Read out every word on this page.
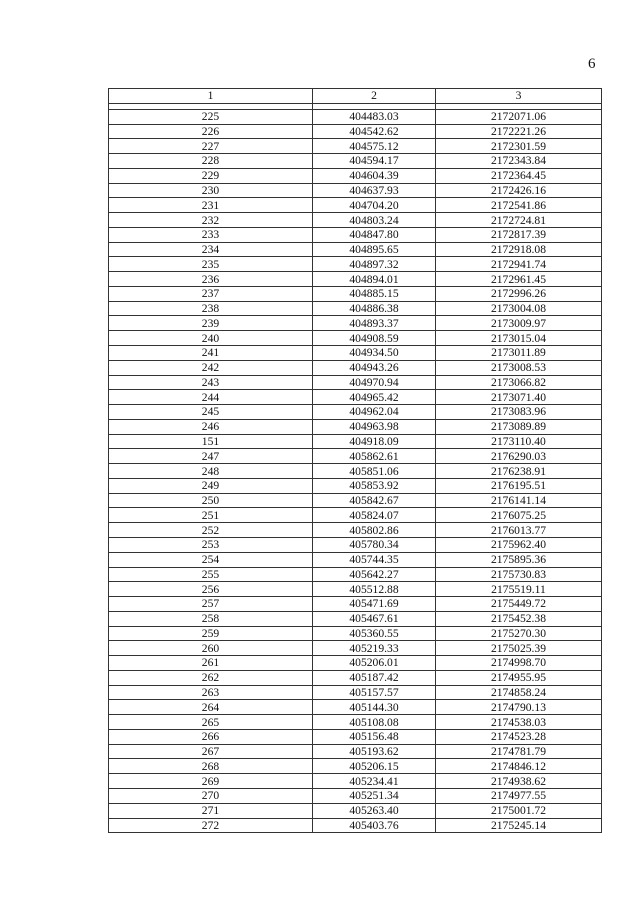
6
1	2	3

225	404483.03	2172071.06
226	404542.62	2172221.26
227	404575.12	2172301.59
228	404594.17	2172343.84
229	404604.39	2172364.45
230	404637.93	2172426.16
231	404704.20	2172541.86
232	404803.24	2172724.81
233	404847.80	2172817.39
234	404895.65	2172918.08
235	404897.32	2172941.74
236	404894.01	2172961.45
237	404885.15	2172996.26
238	404886.38	2173004.08
239	404893.37	2173009.97
240	404908.59	2173015.04
241	404934.50	2173011.89
242	404943.26	2173008.53
243	404970.94	2173066.82
244	404965.42	2173071.40
245	404962.04	2173083.96
246	404963.98	2173089.89
151	404918.09	2173110.40
247	405862.61	2176290.03
248	405851.06	2176238.91
249	405853.92	2176195.51
250	405842.67	2176141.14
251	405824.07	2176075.25
252	405802.86	2176013.77
253	405780.34	2175962.40
254	405744.35	2175895.36
255	405642.27	2175730.83
256	405512.88	2175519.11
257	405471.69	2175449.72
258	405467.61	2175452.38
259	405360.55	2175270.30
260	405219.33	2175025.39
261	405206.01	2174998.70
262	405187.42	2174955.95
263	405157.57	2174858.24
264	405144.30	2174790.13
265	405108.08	2174538.03
266	405156.48	2174523.28
267	405193.62	2174781.79
268	405206.15	2174846.12
269	405234.41	2174938.62
270	405251.34	2174977.55
271	405263.40	2175001.72
272	405403.76	2175245.14
